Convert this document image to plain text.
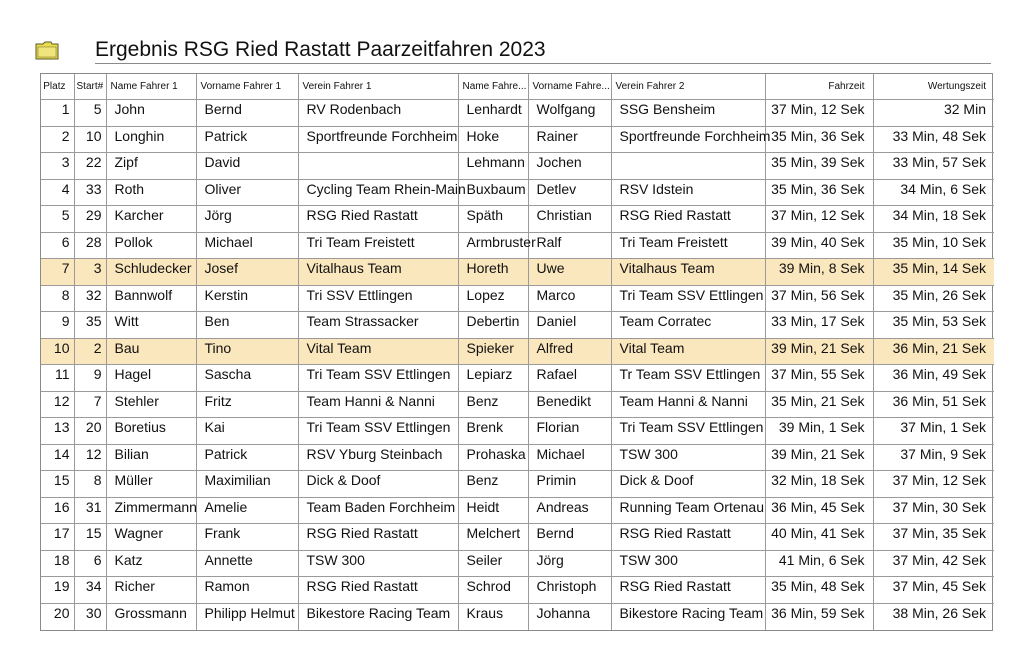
Ergebnis RSG Ried Rastatt Paarzeitfahren 2023
Platz	Start#	Name Fahrer 1	Vorname Fahrer 1	Verein Fahrer 1	Name Fahre...	Vorname Fahre...	Verein Fahrer 2	Fahrzeit	Wertungszeit
1	5	John	Bernd	RV Rodenbach	Lenhardt	Wolfgang	SSG Bensheim	37 Min, 12 Sek	32 Min
2	10	Longhin	Patrick	Sportfreunde Forchheim	Hoke	Rainer	Sportfreunde Forchheim	35 Min, 36 Sek	33 Min, 48 Sek
3	22	Zipf	David		Lehmann	Jochen		35 Min, 39 Sek	33 Min, 57 Sek
4	33	Roth	Oliver	Cycling Team Rhein-Main	Buxbaum	Detlev	RSV Idstein	35 Min, 36 Sek	34 Min, 6 Sek
5	29	Karcher	Jörg	RSG Ried Rastatt	Späth	Christian	RSG Ried Rastatt	37 Min, 12 Sek	34 Min, 18 Sek
6	28	Pollok	Michael	Tri Team Freistett	Armbruster	Ralf	Tri Team Freistett	39 Min, 40 Sek	35 Min, 10 Sek
7	3	Schludecker	Josef	Vitalhaus Team	Horeth	Uwe	Vitalhaus Team	39 Min, 8 Sek	35 Min, 14 Sek
8	32	Bannwolf	Kerstin	Tri SSV Ettlingen	Lopez	Marco	Tri Team SSV Ettlingen	37 Min, 56 Sek	35 Min, 26 Sek
9	35	Witt	Ben	Team Strassacker	Debertin	Daniel	Team Corratec	33 Min, 17 Sek	35 Min, 53 Sek
10	2	Bau	Tino	Vital Team	Spieker	Alfred	Vital Team	39 Min, 21 Sek	36 Min, 21 Sek
11	9	Hagel	Sascha	Tri Team SSV Ettlingen	Lepiarz	Rafael	Tr Team SSV Ettlingen	37 Min, 55 Sek	36 Min, 49 Sek
12	7	Stehler	Fritz	Team Hanni & Nanni	Benz	Benedikt	Team Hanni & Nanni	35 Min, 21 Sek	36 Min, 51 Sek
13	20	Boretius	Kai	Tri Team SSV Ettlingen	Brenk	Florian	Tri Team SSV Ettlingen	39 Min, 1 Sek	37 Min, 1 Sek
14	12	Bilian	Patrick	RSV Yburg Steinbach	Prohaska	Michael	TSW 300	39 Min, 21 Sek	37 Min, 9 Sek
15	8	Müller	Maximilian	Dick & Doof	Benz	Primin	Dick & Doof	32 Min, 18 Sek	37 Min, 12 Sek
16	31	Zimmermann	Amelie	Team Baden Forchheim	Heidt	Andreas	Running Team Ortenau	36 Min, 45 Sek	37 Min, 30 Sek
17	15	Wagner	Frank	RSG Ried Rastatt	Melchert	Bernd	RSG Ried Rastatt	40 Min, 41 Sek	37 Min, 35 Sek
18	6	Katz	Annette	TSW 300	Seiler	Jörg	TSW 300	41 Min, 6 Sek	37 Min, 42 Sek
19	34	Richer	Ramon	RSG Ried Rastatt	Schrod	Christoph	RSG Ried Rastatt	35 Min, 48 Sek	37 Min, 45 Sek
20	30	Grossmann	Philipp Helmut	Bikestore Racing Team	Kraus	Johanna	Bikestore Racing Team	36 Min, 59 Sek	38 Min, 26 Sek
